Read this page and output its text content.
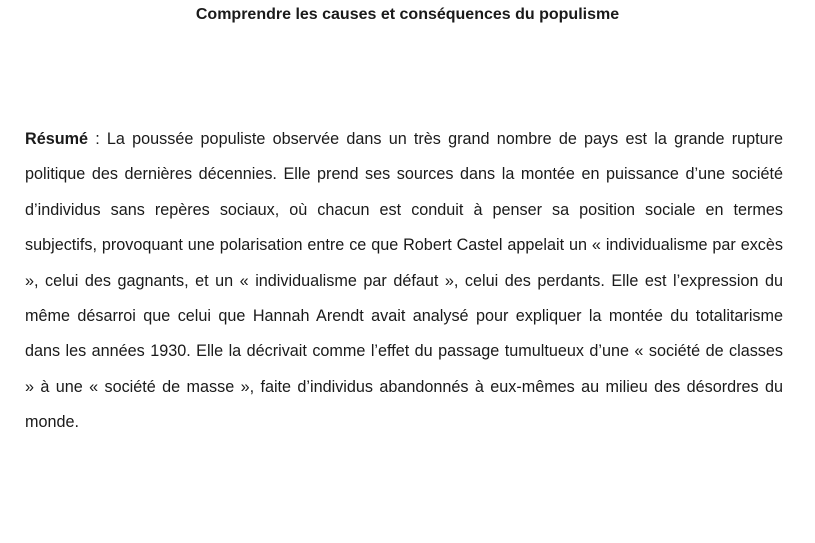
Comprendre les causes et conséquences du populisme

Résumé : La poussée populiste observée dans un très grand nombre de pays est la grande rupture politique des dernières décennies. Elle prend ses sources dans la montée en puissance d’une société d’individus sans repères sociaux, où chacun est conduit à penser sa position sociale en termes subjectifs, provoquant une polarisation entre ce que Robert Castel appelait un « individualisme par excès », celui des gagnants, et un « individualisme par défaut », celui des perdants. Elle est l’expression du même désarroi que celui que Hannah Arendt avait analysé pour expliquer la montée du totalitarisme dans les années 1930. Elle la décrivait comme l’effet du passage tumultueux d’une « société de classes » à une « société de masse », faite d’individus abandonnés à eux-mêmes au milieu des désordres du monde.
